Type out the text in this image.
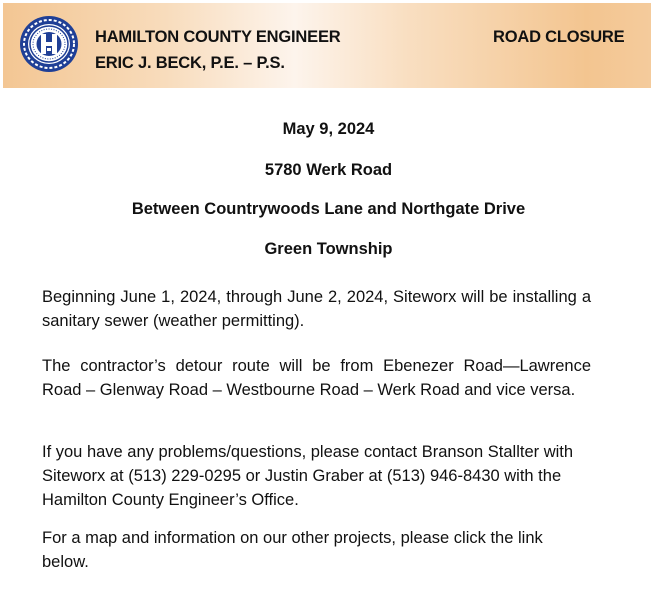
HAMILTON COUNTY ENGINEER
ERIC J. BECK, P.E. – P.S.
ROAD CLOSURE
May 9, 2024
5780 Werk Road
Between Countrywoods Lane and Northgate Drive
Green Township
Beginning June 1, 2024, through June 2, 2024, Siteworx will be installing a sanitary sewer (weather permitting).
The contractor’s detour route will be from Ebenezer Road—Lawrence Road – Glenway Road – Westbourne Road – Werk Road and vice versa.
If you have any problems/questions, please contact Branson Stallter with Siteworx at (513) 229-0295 or Justin Graber at (513) 946-8430 with the Hamilton County Engineer’s Office.
For a map and information on our other projects, please click the link below.
